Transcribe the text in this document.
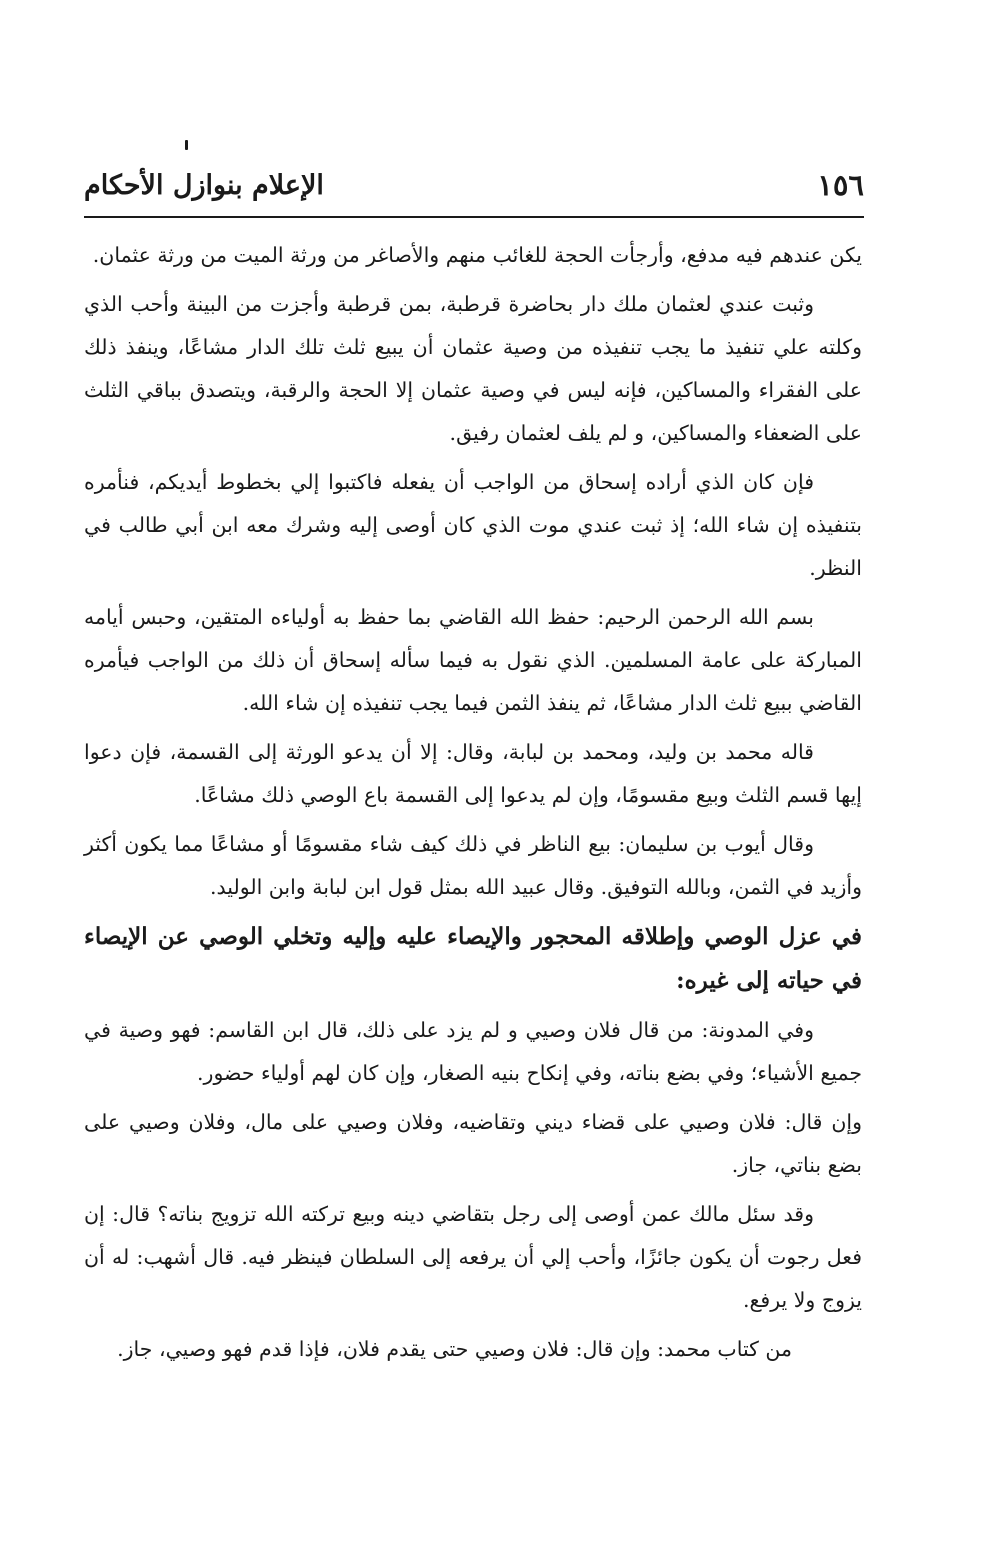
١٥٦
الإعلام بنوازل الأحكام

يكن عندهم فيه مدفع، وأرجأت الحجة للغائب منهم والأصاغر من ورثة الميت من ورثة عثمان.

وثبت عندي لعثمان ملك دار بحاضرة قرطبة، بمن قرطبة وأجزت من البينة وأحب الذي وكلته علي تنفيذ ما يجب تنفيذه من وصية عثمان أن يبيع ثلث تلك الدار مشاعًا، وينفذ ذلك على الفقراء والمساكين، فإنه ليس في وصية عثمان إلا الحجة والرقبة، ويتصدق بباقي الثلث على الضعفاء والمساكين، و لم يلف لعثمان رفيق.

فإن كان الذي أراده إسحاق من الواجب أن يفعله فاكتبوا إلي بخطوط أيديكم، فنأمره بتنفيذه إن شاء الله؛ إذ ثبت عندي موت الذي كان أوصى إليه وشرك معه ابن أبي طالب في النظر.

بسم الله الرحمن الرحيم: حفظ الله القاضي بما حفظ به أولياءه المتقين، وحبس أيامه المباركة على عامة المسلمين. الذي نقول به فيما سأله إسحاق أن ذلك من الواجب فيأمره القاضي ببيع ثلث الدار مشاعًا، ثم ينفذ الثمن فيما يجب تنفيذه إن شاء الله.

قاله محمد بن وليد، ومحمد بن لبابة، وقال: إلا أن يدعو الورثة إلى القسمة، فإن دعوا إيها قسم الثلث وبيع مقسومًا، وإن لم يدعوا إلى القسمة باع الوصي ذلك مشاعًا.

وقال أيوب بن سليمان: بيع الناظر في ذلك كيف شاء مقسومًا أو مشاعًا مما يكون أكثر وأزيد في الثمن، وبالله التوفيق. وقال عبيد الله بمثل قول ابن لبابة وابن الوليد.

في عزل الوصي وإطلاقه المحجور والإيصاء عليه وإليه وتخلي الوصي عن الإيصاء في حياته إلى غيره:

وفي المدونة: من قال فلان وصيي و لم يزد على ذلك، قال ابن القاسم: فهو وصية في جميع الأشياء؛ وفي بضع بناته، وفي إنكاح بنيه الصغار، وإن كان لهم أولياء حضور.

وإن قال: فلان وصيي على قضاء ديني وتقاضيه، وفلان وصيي على مال، وفلان وصيي على بضع بناتي، جاز.

وقد سئل مالك عمن أوصى إلى رجل بتقاضي دينه وبيع تركته الله تزويج بناته؟ قال: إن فعل رجوت أن يكون جائزًا، وأحب إلي أن يرفعه إلى السلطان فينظر فيه. قال أشهب: له أن يزوج ولا يرفع.

من كتاب محمد: وإن قال: فلان وصيي حتى يقدم فلان، فإذا قدم فهو وصيي، جاز.
